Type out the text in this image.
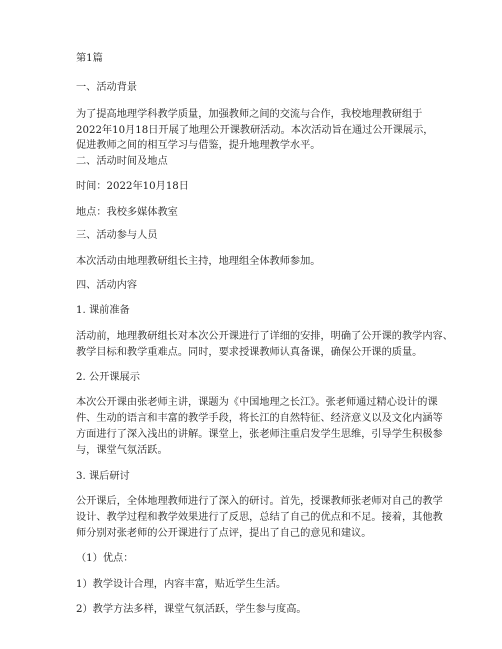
第1篇
一、活动背景
为了提高地理学科教学质量，加强教师之间的交流与合作，我校地理教研组于
2022年10月18日开展了地理公开课教研活动。本次活动旨在通过公开课展示，
促进教师之间的相互学习与借鉴，提升地理教学水平。
二、活动时间及地点
时间：2022年10月18日
地点：我校多媒体教室
三、活动参与人员
本次活动由地理教研组长主持，地理组全体教师参加。
四、活动内容
1. 课前准备
活动前，地理教研组长对本次公开课进行了详细的安排，明确了公开课的教学内容、
教学目标和教学重难点。同时，要求授课教师认真备课，确保公开课的质量。
2. 公开课展示
本次公开课由张老师主讲，课题为《中国地理之长江》。张老师通过精心设计的课
件、生动的语言和丰富的教学手段，将长江的自然特征、经济意义以及文化内涵等
方面进行了深入浅出的讲解。课堂上，张老师注重启发学生思维，引导学生积极参
与，课堂气氛活跃。
3. 课后研讨
公开课后，全体地理教师进行了深入的研讨。首先，授课教师张老师对自己的教学
设计、教学过程和教学效果进行了反思，总结了自己的优点和不足。接着，其他教
师分别对张老师的公开课进行了点评，提出了自己的意见和建议。
（1）优点：
1）教学设计合理，内容丰富，贴近学生生活。
2）教学方法多样，课堂气氛活跃，学生参与度高。
